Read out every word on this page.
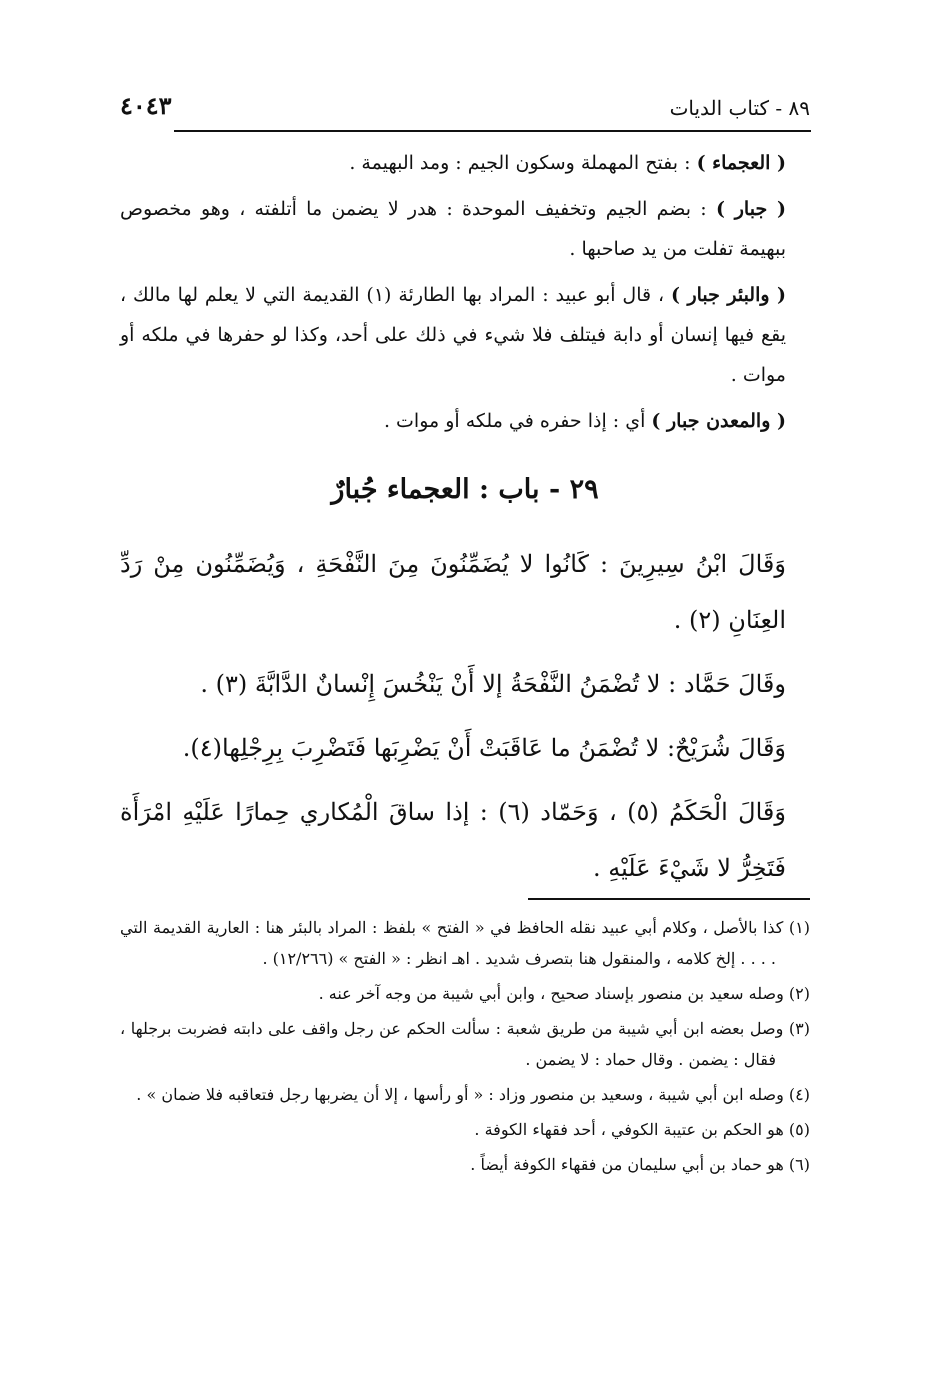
٨٩ - كتاب الديات
٤٠٤٣

( العجماء ) : بفتح المهملة وسكون الجيم : ومد البهيمة .

( جبار ) : بضم الجيم وتخفيف الموحدة : هدر لا يضمن ما أتلفته ، وهو مخصوص ببهيمة تفلت من يد صاحبها .

( والبئر جبار ) ، قال أبو عبيد : المراد بها الطارئة (١) القديمة التي لا يعلم لها مالك ، يقع فيها إنسان أو دابة فيتلف فلا شيء في ذلك على أحد، وكذا لو حفرها في ملكه أو موات .

( والمعدن جبار ) أي : إذا حفره في ملكه أو موات .

٢٩ - باب : العجماء جُبارٌ

وَقَالَ ابْنُ سِيرِينَ : كَانُوا لا يُضَمِّنُونَ مِنَ النَّفْحَةِ ، وَيُضَمِّنُون مِنْ رَدِّ العِنَانِ (٢) .

وقَالَ حَمَّاد : لا تُضْمَنُ النَّفْحَةُ إلا أَنْ يَنْخُسَ إِنْسانٌ الدَّابَّةَ (٣) .

وَقَالَ شُرَيْحٌ: لا تُضْمَنُ ما عَاقَبَتْ أَنْ يَضْرِبَها فَتَضْرِبَ بِرِجْلِها(٤).

وَقَالَ الْحَكَمُ (٥) ، وَحَمّاد (٦) : إذا ساقَ الْمُكاري حِمارًا عَلَيْهِ امْرَأَة فَتَخِرُّ لا شَيْءَ عَلَيْهِ .

(١) كذا بالأصل ، وكلام أبي عبيد نقله الحافظ في « الفتح » بلفظ : المراد بالبئر هنا : العارية القديمة التي . . . . إلخ كلامه ، والمنقول هنا بتصرف شديد . اهـ انظر : « الفتح » (١٢/٢٦٦) .

(٢) وصله سعيد بن منصور بإسناد صحيح ، وابن أبي شيبة من وجه آخر عنه .

(٣) وصل بعضه ابن أبي شيبة من طريق شعبة : سألت الحكم عن رجل واقف على دابته فضربت برجلها ، فقال : يضمن . وقال حماد : لا يضمن .

(٤) وصله ابن أبي شيبة ، وسعيد بن منصور وزاد : « أو رأسها ، إلا أن يضربها رجل فتعاقبه فلا ضمان » .

(٥) هو الحكم بن عتيبة الكوفي ، أحد فقهاء الكوفة .

(٦) هو حماد بن أبي سليمان من فقهاء الكوفة أيضاً .
